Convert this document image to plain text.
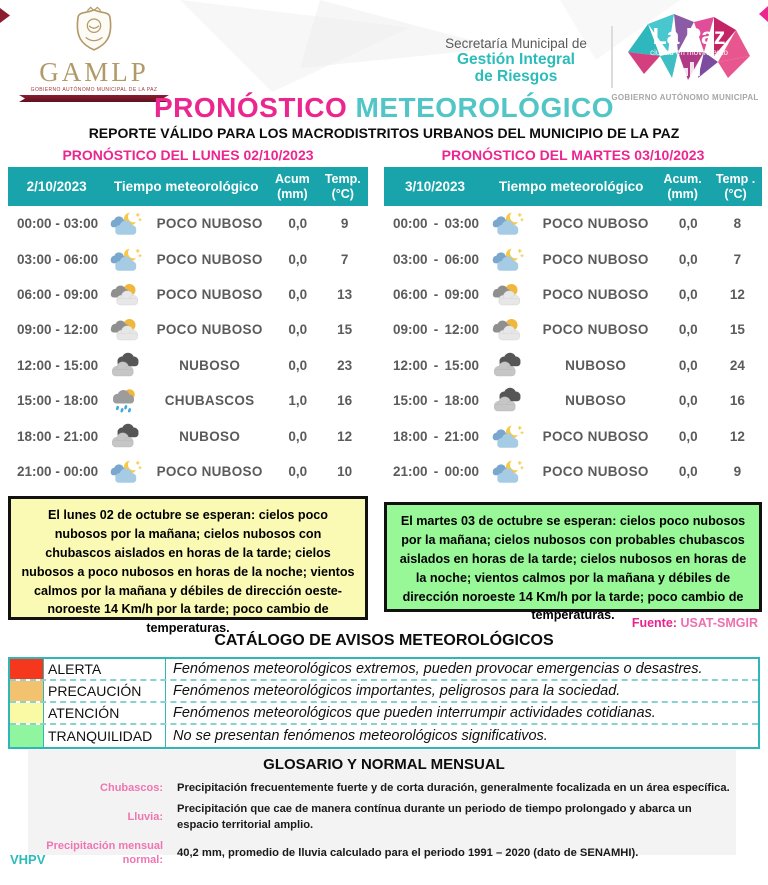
GAMLP
GOBIERNO AUTÓNOMO MUNICIPAL DE LA PAZ
Secretaría Municipal de
Gestión Integral
de Riesgos
La Paz
ciudad en movimiento
GOBIERNO AUTÓNOMO MUNICIPAL
PRONÓSTICO METEOROLÓGICO
REPORTE VÁLIDO PARA LOS MACRODISTRITOS URBANOS DEL MUNICIPIO DE LA PAZ
PRONÓSTICO DEL LUNES 02/10/2023	PRONÓSTICO DEL MARTES 03/10/2023
2/10/2023	Tiempo meteorológico	Acum
(mm)
Temp.
(°C)
00:00 - 03:00	POCO NUBOSO	0,0	9
03:00 - 06:00	POCO NUBOSO	0,0	7
06:00 - 09:00	POCO NUBOSO	0,0	13
09:00 - 12:00	POCO NUBOSO	0,0	15
12:00 - 15:00	NUBOSO	0,0	23
15:00 - 18:00	CHUBASCOS	1,0	16
18:00 - 21:00	NUBOSO	0,0	12
21:00 - 00:00	POCO NUBOSO	0,0	10
3/10/2023	Tiempo meteorológico	Acum.
(mm)
Temp .
(°C)
00:00 - 03:00	POCO NUBOSO	0,0	8
03:00 - 06:00	POCO NUBOSO	0,0	7
06:00 - 09:00	POCO NUBOSO	0,0	12
09:00 - 12:00	POCO NUBOSO	0,0	15
12:00 - 15:00	NUBOSO	0,0	24
15:00 - 18:00	NUBOSO	0,0	16
18:00 - 21:00	POCO NUBOSO	0,0	12
21:00 - 00:00	POCO NUBOSO	0,0	9
El lunes 02 de octubre se esperan: cielos poco nubosos por la mañana; cielos nubosos con chubascos aislados en horas de la tarde; cielos nubosos a poco nubosos en horas de la noche; vientos calmos por la mañana y débiles de dirección oeste-noroeste 14 Km/h por la tarde; poco cambio de temperaturas.
El martes 03 de octubre se esperan: cielos poco nubosos por la mañana; cielos nubosos con probables chubascos aislados en horas de la tarde; cielos nubosos en horas de la noche; vientos calmos por la mañana y débiles de dirección noroeste 14 Km/h por la tarde; poco cambio de temperaturas.
Fuente: USAT-SMGIR
CATÁLOGO DE AVISOS METEOROLÓGICOS
ALERTA	Fenómenos meteorológicos extremos, pueden provocar emergencias o desastres.
PRECAUCIÓN	Fenómenos meteorológicos importantes, peligrosos para la sociedad.
ATENCIÓN	Fenómenos meteorológicos que pueden interrumpir actividades cotidianas.
TRANQUILIDAD	No se presentan fenómenos meteorológicos significativos.
GLOSARIO Y NORMAL MENSUAL
Chubascos: Precipitación frecuentemente fuerte y de corta duración, generalmente focalizada en un área específica.
Lluvia:
Precipitación que cae de manera contínua durante un periodo de tiempo prolongado y abarca un espacio territorial amplio.
Precipitación mensual normal:
40,2 mm, promedio de lluvia calculado para el periodo 1991 – 2020 (dato de SENAMHI).
VHPV
